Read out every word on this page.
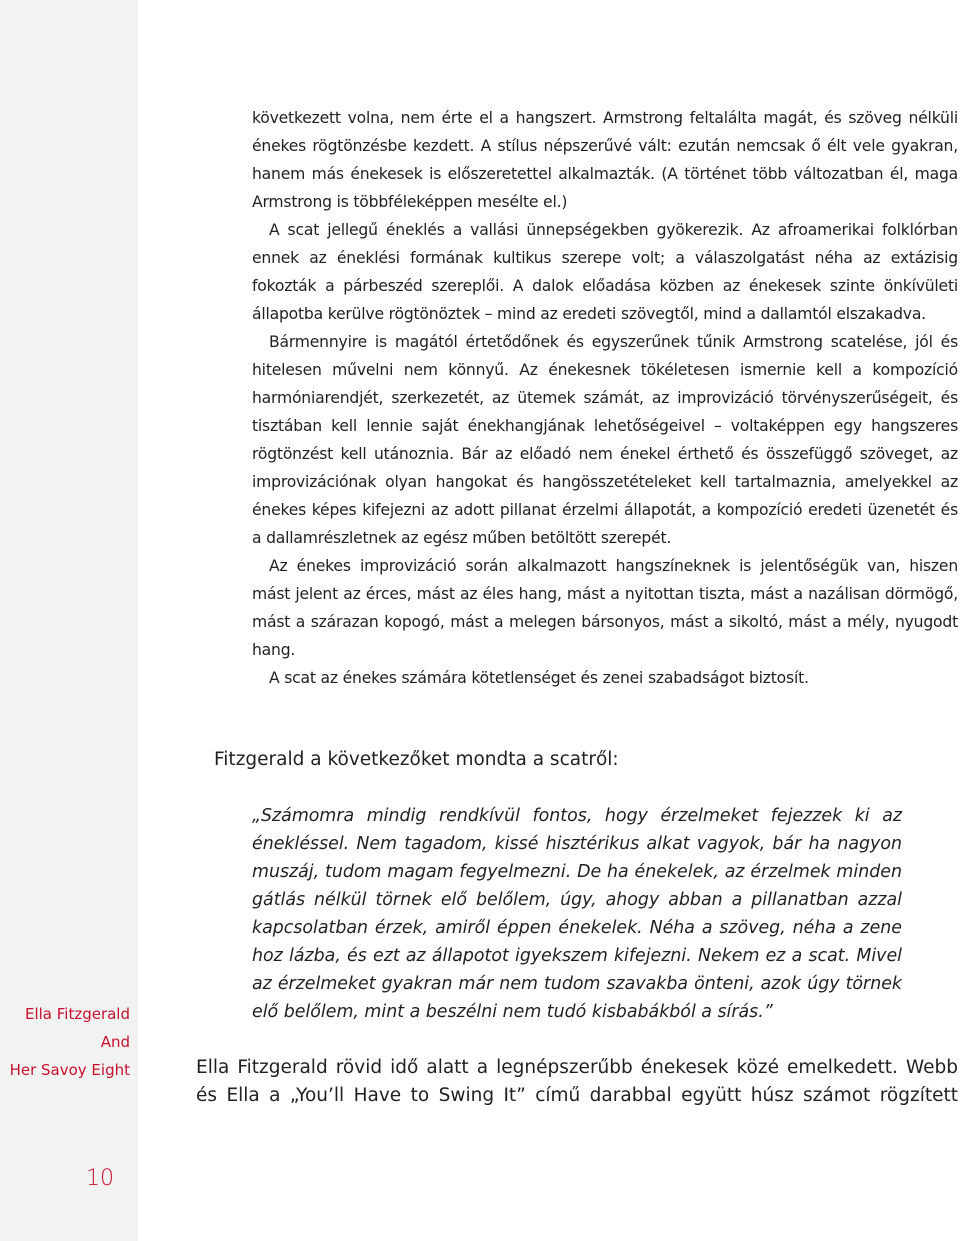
Ella Fitzgerald And
Her Savoy Eight
10

következett volna, nem érte el a hangszert. Armstrong feltalálta magát, és szöveg nélküli énekes rögtönzésbe kezdett. A stílus népszerűvé vált: ezután nemcsak ő élt vele gyakran, hanem más énekesek is előszeretettel alkalmazták. (A történet több változatban él, maga Armstrong is többféleképpen mesélte el.)

A scat jellegű éneklés a vallási ünnepségekben gyökerezik. Az afroamerikai folklórban ennek az éneklési formának kultikus szerepe volt; a válaszolgatást néha az extázisig fokozták a párbeszéd szereplői. A dalok előadása közben az énekesek szinte önkívületi állapotba kerülve rögtönöztek – mind az eredeti szövegtől, mind a dallamtól elszakadva.

Bármennyire is magától értetődőnek és egyszerűnek tűnik Armstrong scatelése, jól és hitelesen művelni nem könnyű. Az énekesnek tökéletesen ismernie kell a kompozíció harmóniarendjét, szerkezetét, az ütemek számát, az improvizáció törvényszerűségeit, és tisztában kell lennie saját énekhangjának lehetőségeivel – voltaképpen egy hangszeres rögtönzést kell utánoznia. Bár az előadó nem énekel érthető és összefüggő szöveget, az improvizációnak olyan hangokat és hangösszetételeket kell tartalmaznia, amelyekkel az énekes képes kifejezni az adott pillanat érzelmi állapotát, a kompozíció eredeti üzenetét és a dallamrészletnek az egész műben betöltött szerepét.

Az énekes improvizáció során alkalmazott hangszíneknek is jelentőségük van, hiszen mást jelent az érces, mást az éles hang, mást a nyitottan tiszta, mást a nazálisan dörmögő, mást a szárazan kopogó, mást a melegen bársonyos, mást a sikoltó, mást a mély, nyugodt hang.

A scat az énekes számára kötetlenséget és zenei szabadságot biztosít.

Fitzgerald a következőket mondta a scatről:

„Számomra mindig rendkívül fontos, hogy érzelmeket fejezzek ki az énekléssel. Nem tagadom, kissé hisztérikus alkat vagyok, bár ha nagyon muszáj, tudom magam fegyelmezni. De ha énekelek, az érzelmek minden gátlás nélkül törnek elő belőlem, úgy, ahogy abban a pillanatban azzal kapcsolatban érzek, amiről éppen énekelek. Néha a szöveg, néha a zene hoz lázba, és ezt az állapotot igyekszem kifejezni. Nekem ez a scat. Mivel az érzelmeket gyakran már nem tudom szavakba önteni, azok úgy törnek elő belőlem, mint a beszélni nem tudó kisbabákból a sírás.”

Ella Fitzgerald rövid idő alatt a legnépszerűbb énekesek közé emelkedett. Webb és Ella a „You’ll Have to Swing It” című darabbal együtt húsz számot rögzített
